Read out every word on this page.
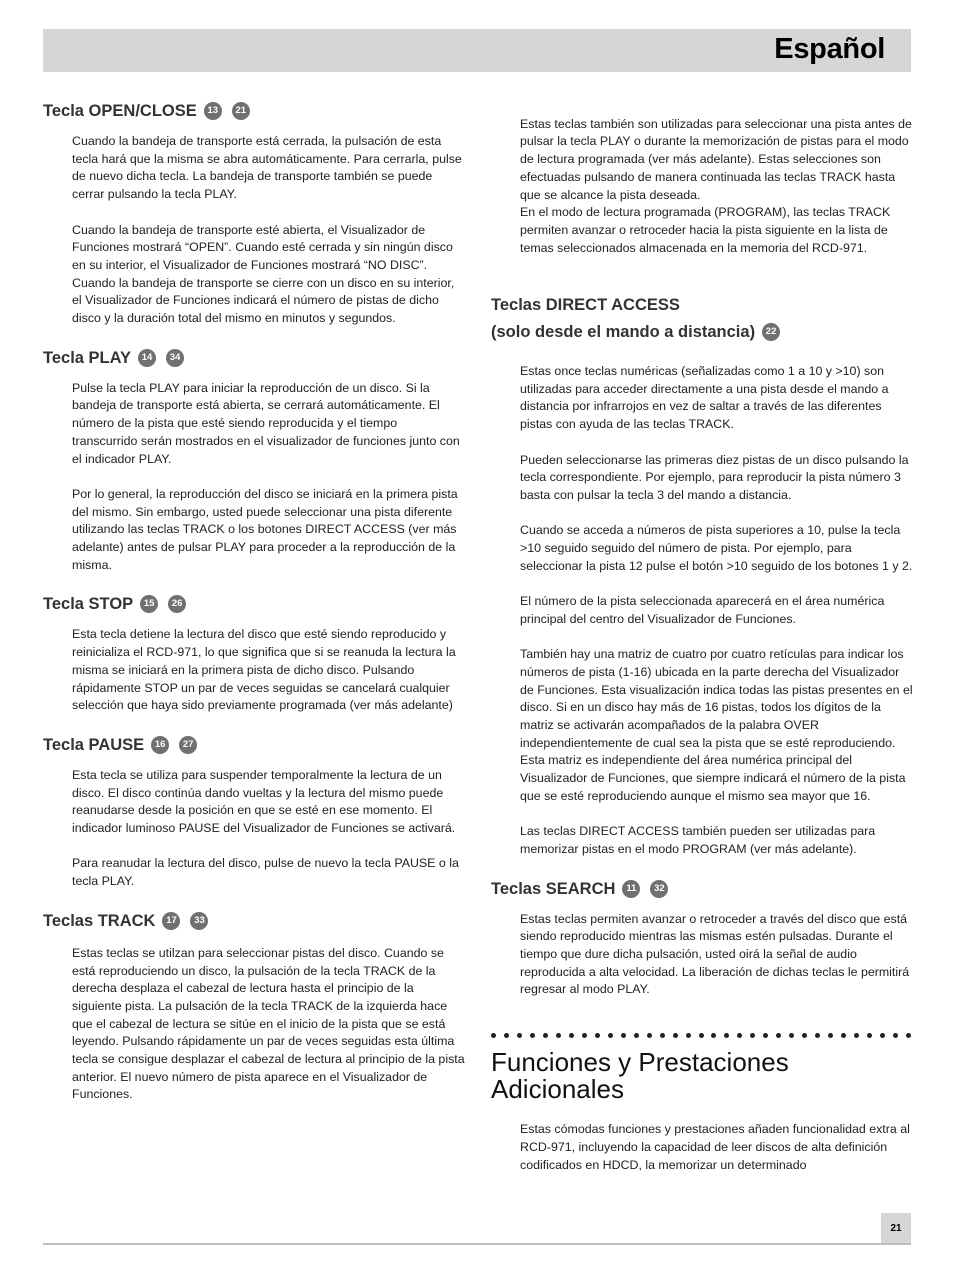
Español
Tecla OPEN/CLOSE	13	21

Cuando la bandeja de transporte está cerrada, la pulsación de esta tecla hará que la misma se abra automáticamente. Para cerrarla, pulse de nuevo dicha tecla. La bandeja de transporte también se puede cerrar pulsando la tecla PLAY.

Cuando la bandeja de transporte esté abierta, el Visualizador de Funciones mostrará “OPEN”. Cuando esté cerrada y sin ningún disco en su interior, el Visualizador de Funciones mostrará “NO DISC”. Cuando la bandeja de transporte se cierre con un disco en su interior, el Visualizador de Funciones indicará el número de pistas de dicho disco y la duración total del mismo en minutos y segundos.

Tecla PLAY	14	34

Pulse la tecla PLAY para iniciar la reproducción de un disco. Si la bandeja de transporte está abierta, se cerrará automáticamente. El número de la pista que esté siendo reproducida y el tiempo transcurrido serán mostrados en el visualizador de funciones junto con el indicador PLAY.

Por lo general, la reproducción del disco se iniciará en la primera pista del mismo. Sin embargo, usted puede seleccionar una pista diferente utilizando las teclas TRACK o los botones DIRECT ACCESS (ver más adelante) antes de pulsar PLAY para proceder a la reproducción de la misma.

Tecla STOP	15	26

Esta tecla detiene la lectura del disco que esté siendo reproducido y reinicializa el RCD-971, lo que significa que si se reanuda la lectura la misma se iniciará en la primera pista de dicho disco. Pulsando rápidamente STOP un par de veces seguidas se cancelará cualquier selección que haya sido previamente programada (ver más adelante)

Tecla PAUSE	16	27

Esta tecla se utiliza para suspender temporalmente la lectura de un disco. El disco continúa dando vueltas y la lectura del mismo puede reanudarse desde la posición en que se esté en ese momento. El indicador luminoso PAUSE del Visualizador de Funciones se activará.

Para reanudar la lectura del disco, pulse de nuevo la tecla PAUSE o la tecla PLAY.

Teclas TRACK	17	33

Estas teclas se utilzan para seleccionar pistas del disco. Cuando se está reproduciendo un disco, la pulsación de la tecla TRACK de la derecha desplaza el cabezal de lectura hasta el principio de la siguiente pista. La pulsación de la tecla TRACK de la izquierda hace que el cabezal de lectura se sitúe en el inicio de la pista que se está leyendo. Pulsando rápidamente un par de veces seguidas esta última tecla se consigue desplazar el cabezal de lectura al principio de la pista anterior. El nuevo número de pista aparece en el Visualizador de Funciones.

Estas teclas también son utilizadas para seleccionar una pista antes de pulsar la tecla PLAY o durante la memorización de pistas para el modo de lectura programada (ver más adelante). Estas selecciones son efectuadas pulsando de manera continuada las teclas TRACK hasta que se alcance la pista deseada.
En el modo de lectura programada (PROGRAM), las teclas TRACK permiten avanzar o retroceder hacia la pista siguiente en la lista de temas seleccionados almacenada en la memoria del RCD-971.

Teclas DIRECT ACCESS
(solo desde el mando a distancia)	22

Estas once teclas numéricas (señalizadas como 1 a 10 y >10) son utilizadas para acceder directamente a una pista desde el mando a distancia por infrarrojos en vez de saltar a través de las diferentes pistas con ayuda de las teclas TRACK.

Pueden seleccionarse las primeras diez pistas de un disco pulsando la tecla correspondiente. Por ejemplo, para reproducir la pista número 3 basta con pulsar la tecla 3 del mando a distancia.

Cuando se acceda a números de pista superiores a 10, pulse la tecla >10 seguido seguido del número de pista. Por ejemplo, para seleccionar la pista 12 pulse el botón >10 seguido de los botones 1 y 2.

El número de la pista seleccionada aparecerá en el área numérica principal del centro del Visualizador de Funciones.

También hay una matriz de cuatro por cuatro retículas para indicar los números de pista (1-16) ubicada en la parte derecha del Visualizador de Funciones. Esta visualización indica todas las pistas presentes en el disco. Si en un disco hay más de 16 pistas, todos los dígitos de la matriz se activarán acompañados de la palabra OVER independientemente de cual sea la pista que se esté reproduciendo. Esta matriz es independiente del área numérica principal del Visualizador de Funciones, que siempre indicará el número de la pista que se esté reproduciendo aunque el mismo sea mayor que 16.

Las teclas DIRECT ACCESS también pueden ser utilizadas para memorizar pistas en el modo PROGRAM (ver más adelante).

Teclas SEARCH	11	32

Estas teclas permiten avanzar o retroceder a través del disco que está siendo reproducido mientras las mismas estén pulsadas. Durante el tiempo que dure dicha pulsación, usted oirá la señal de audio reproducida a alta velocidad. La liberación de dichas teclas le permitirá regresar al modo PLAY.

Funciones y Prestaciones
Adicionales

Estas cómodas funciones y prestaciones añaden funcionalidad extra al RCD-971, incluyendo la capacidad de leer discos de alta definición codificados en HDCD, la memorizar un determinado

21
